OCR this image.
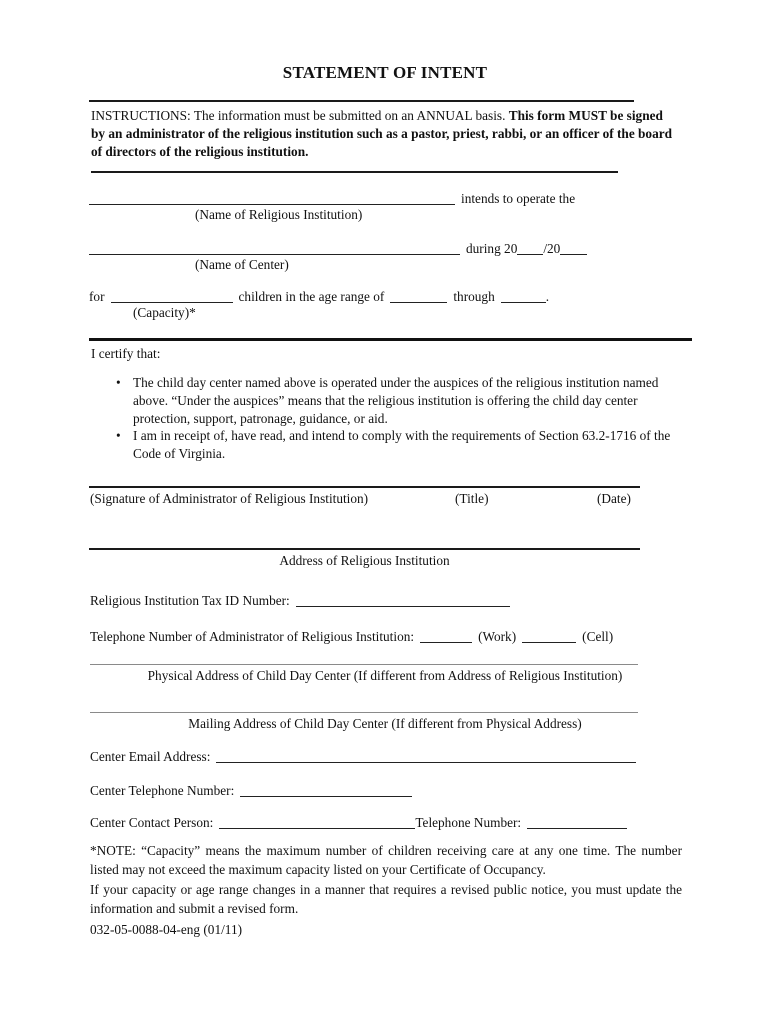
STATEMENT OF INTENT

INSTRUCTIONS: The information must be submitted on an ANNUAL basis. This form MUST be signed by an administrator of the religious institution such as a pastor, priest, rabbi, or an officer of the board of directors of the religious institution.

intends to operate the
(Name of Religious Institution)
during 20 /20
(Name of Center)
for	children in the age range of	through	.
(Capacity)*
I certify that:
• The child day center named above is operated under the auspices of the religious institution named above. “Under the auspices” means that the religious institution is offering the child day center protection, support, patronage, guidance, or aid.
• I am in receipt of, have read, and intend to comply with the requirements of Section 63.2-1716 of the Code of Virginia.
(Signature of Administrator of Religious Institution)	(Title)	(Date)
Address of Religious Institution
Religious Institution Tax ID Number:
Telephone Number of Administrator of Religious Institution:	(Work)	(Cell)
Physical Address of Child Day Center (If different from Address of Religious Institution)
Mailing Address of Child Day Center (If different from Physical Address)
Center Email Address:
Center Telephone Number:
Center Contact Person:	Telephone Number:

*NOTE: “Capacity” means the maximum number of children receiving care at any one time. The number listed may not exceed the maximum capacity listed on your Certificate of Occupancy.

If your capacity or age range changes in a manner that requires a revised public notice, you must update the information and submit a revised form.

032-05-0088-04-eng (01/11)
